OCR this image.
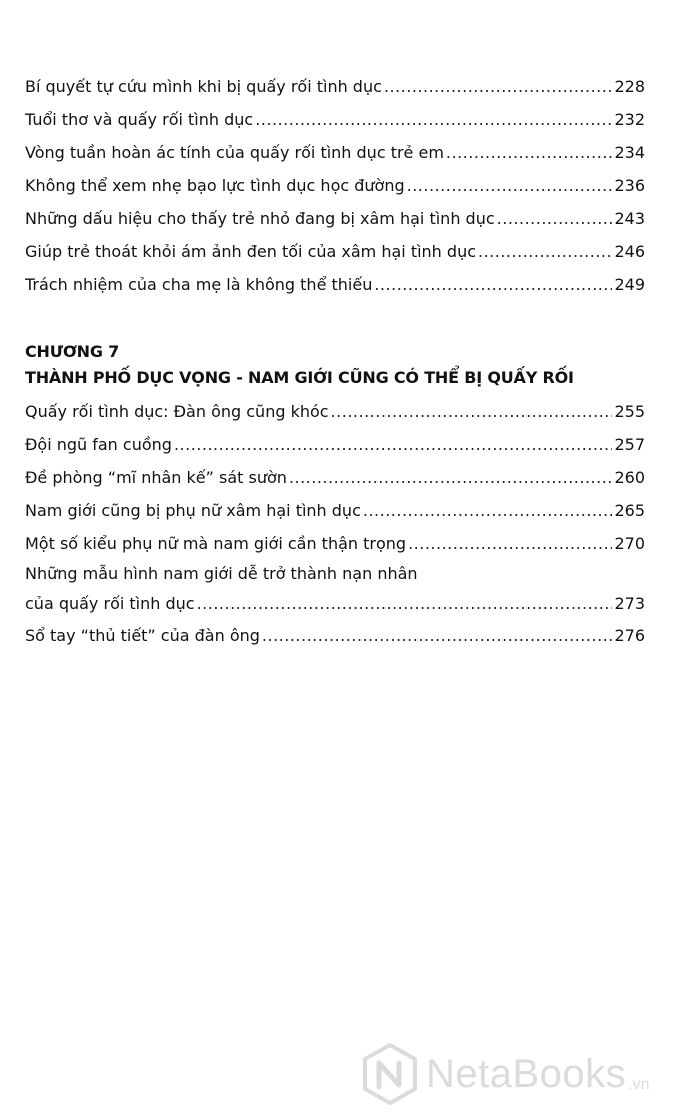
Bí quyết tự cứu mình khi bị quấy rối tình dục .....	228
Tuổi thơ và quấy rối tình dục .....	232
Vòng tuần hoàn ác tính của quấy rối tình dục trẻ em .....	234
Không thể xem nhẹ bạo lực tình dục học đường .....	236
Những dấu hiệu cho thấy trẻ nhỏ đang bị xâm hại tình dục .....	243
Giúp trẻ thoát khỏi ám ảnh đen tối của xâm hại tình dục .....	246
Trách nhiệm của cha mẹ là không thể thiếu .....	249
CHƯƠNG 7
THÀNH PHỐ DỤC VỌNG - NAM GIỚI CŨNG CÓ THỂ BỊ QUẤY RỐI
Quấy rối tình dục: Đàn ông cũng khóc .....	255
Đội ngũ fan cuồng .....	257
Đề phòng “mĩ nhân kế” sát sườn .....	260
Nam giới cũng bị phụ nữ xâm hại tình dục .....	265
Một số kiểu phụ nữ mà nam giới cần thận trọng .....	270
Những mẫu hình nam giới dễ trở thành nạn nhân
của quấy rối tình dục .....	273
Sổ tay “thủ tiết” của đàn ông .....	276
NetaBooks .vn
